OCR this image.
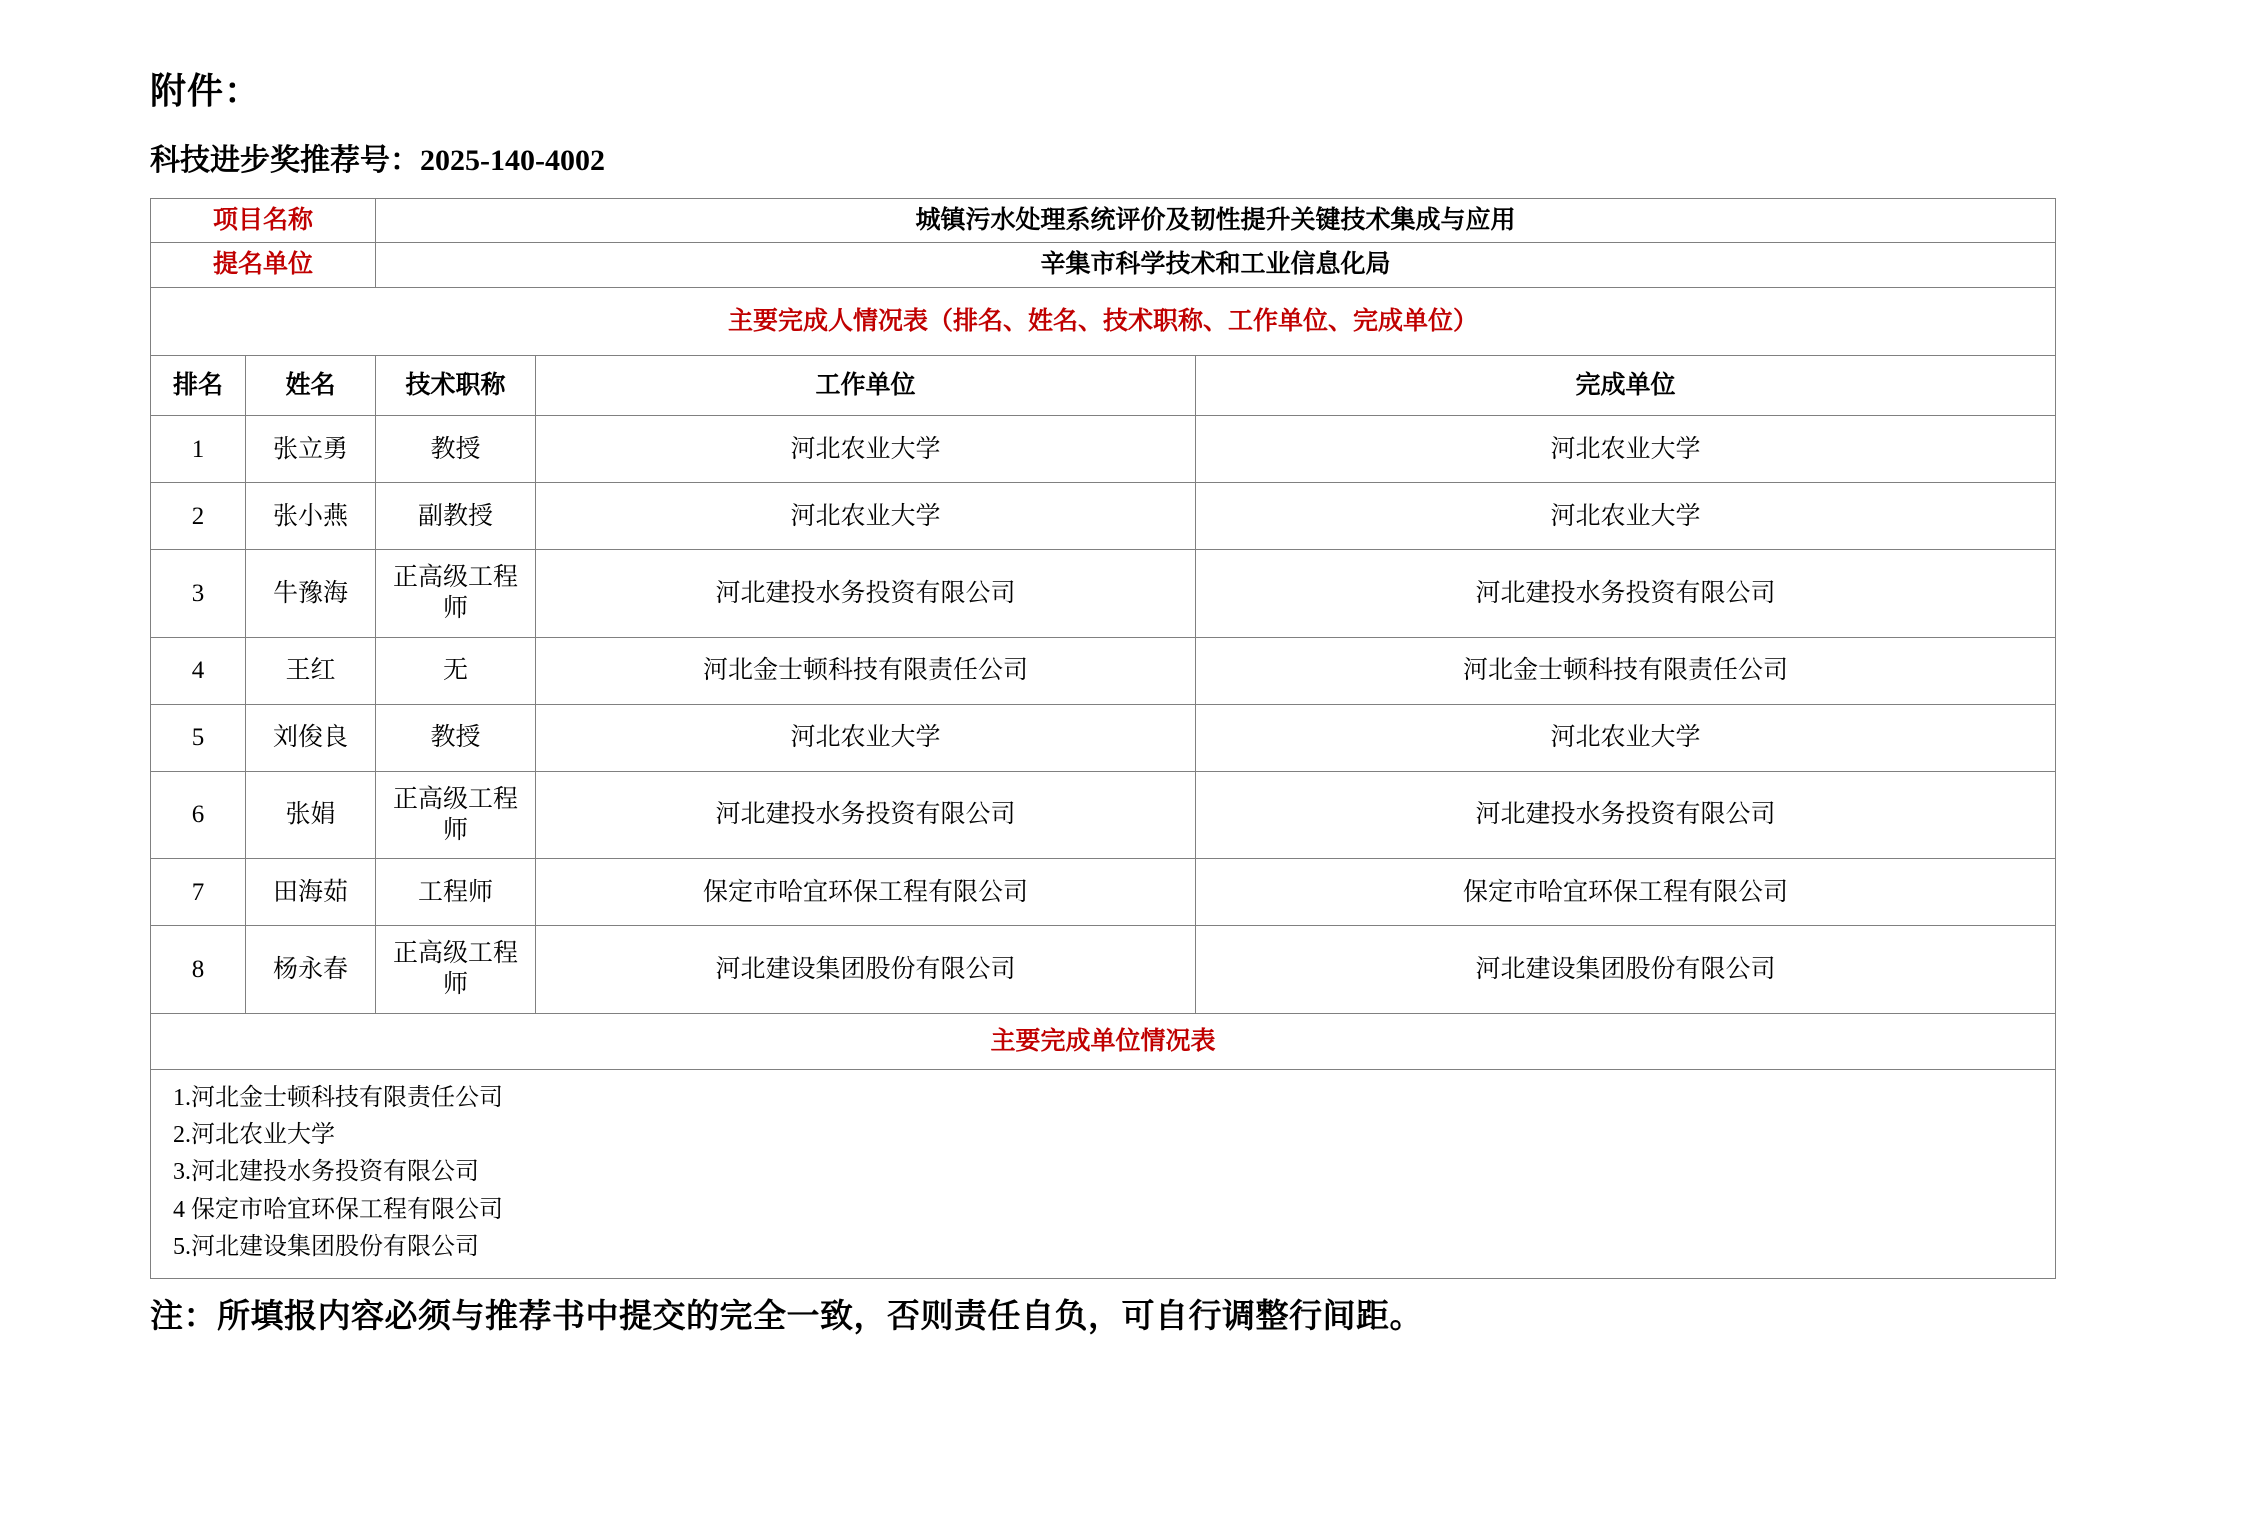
附件：
科技进步奖推荐号：2025-140-4002
项目名称		城镇污水处理系统评价及韧性提升关键技术集成与应用		
提名单位		辛集市科学技术和工业信息化局		
主要完成人情况表（排名、姓名、技术职称、工作单位、完成单位）				
排名	姓名	技术职称	工作单位	完成单位
1	张立勇	教授	河北农业大学	河北农业大学
2	张小燕	副教授	河北农业大学	河北农业大学
3	牛豫海	正高级工程师	河北建投水务投资有限公司	河北建投水务投资有限公司
4	王红	无	河北金士顿科技有限责任公司	河北金士顿科技有限责任公司
5	刘俊良	教授	河北农业大学	河北农业大学
6	张娟	正高级工程师	河北建投水务投资有限公司	河北建投水务投资有限公司
7	田海茹	工程师	保定市哈宜环保工程有限公司	保定市哈宜环保工程有限公司
8	杨永春	正高级工程师	河北建设集团股份有限公司	河北建设集团股份有限公司
主要完成单位情况表				

1.河北金士顿科技有限责任公司
2.河北农业大学
3.河北建投水务投资有限公司
4 保定市哈宜环保工程有限公司
5.河北建设集团股份有限公司				
注：所填报内容必须与推荐书中提交的完全一致，否则责任自负，可自行调整行间距。
